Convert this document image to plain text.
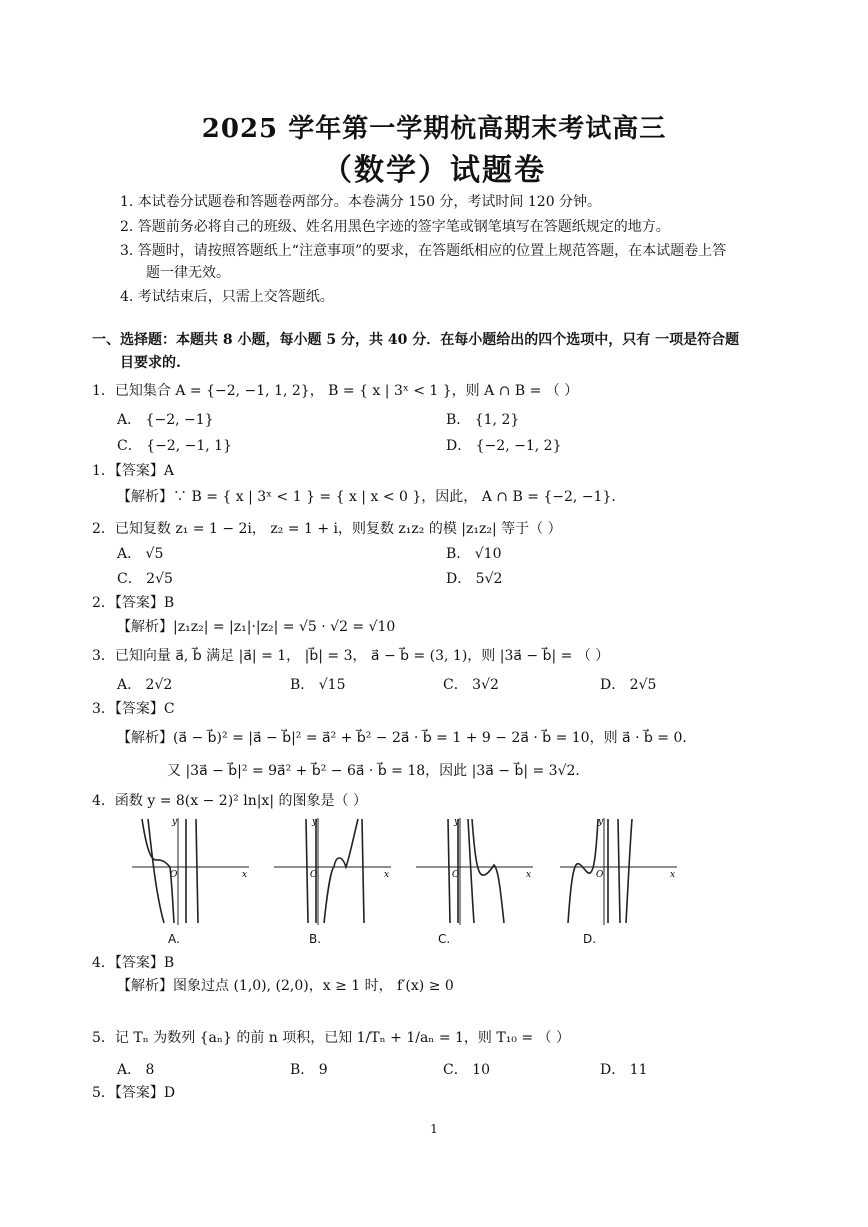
2025 学年第一学期杭高期末考试高三
（数学）试题卷
1. 本试卷分试题卷和答题卷两部分。本卷满分 150 分，考试时间 120 分钟。
2. 答题前务必将自己的班级、姓名用黑色字迹的签字笔或钢笔填写在答题纸规定的地方。
3. 答题时，请按照答题纸上“注意事项”的要求，在答题纸相应的位置上规范答题，在本试题卷上答
题一律无效。
4. 考试结束后，只需上交答题纸。
一、选择题：本题共 8 小题，每小题 5 分，共 40 分．在每小题给出的四个选项中，只有 一项是符合题
目要求的.
1．已知集合 A = {−2, −1, 1, 2}， B = { x | 3ˣ < 1 }，则 A ∩ B = （ ）
A． {−2, −1}	B． {1, 2}
C． {−2, −1, 1}	D． {−2, −1, 2}
1．【答案】A
【解析】∵ B = { x | 3ˣ < 1 } = { x | x < 0 }，因此， A ∩ B = {−2, −1}．
2．已知复数 z₁ = 1 − 2i， z₂ = 1 + i，则复数 z₁z₂ 的模 |z₁z₂| 等于（ ）
A． √5	B． √10
C． 2√5	D． 5√2
2．【答案】B
【解析】|z₁z₂| = |z₁|·|z₂| = √5 · √2 = √10
3．已知向量 a⃗, b⃗ 满足 |a⃗| = 1， |b⃗| = 3， a⃗ − b⃗ = (3, 1)，则 |3a⃗ − b⃗| = （ ）
A． 2√2	B． √15	C． 3√2	D． 2√5
3．【答案】C
【解析】(a⃗ − b⃗)² = |a⃗ − b⃗|² = a⃗² + b⃗² − 2a⃗ · b⃗ = 1 + 9 − 2a⃗ · b⃗ = 10，则 a⃗ · b⃗ = 0．
又 |3a⃗ − b⃗|² = 9a⃗² + b⃗² − 6a⃗ · b⃗ = 18，因此 |3a⃗ − b⃗| = 3√2．
4．函数 y = 8(x − 2)² ln|x| 的图象是（ ）
y
x
O
A.
y
x
O
B.
y
x
O
C.
y
x
O
D.
4．【答案】B
【解析】图象过点 (1,0), (2,0)，x ≥ 1 时， f′(x) ≥ 0
5．记 Tₙ 为数列 {aₙ} 的前 n 项积，已知 1/Tₙ + 1/aₙ = 1，则 T₁₀ = （ ）
A． 8	B． 9	C． 10	D． 11
5．【答案】D
1
